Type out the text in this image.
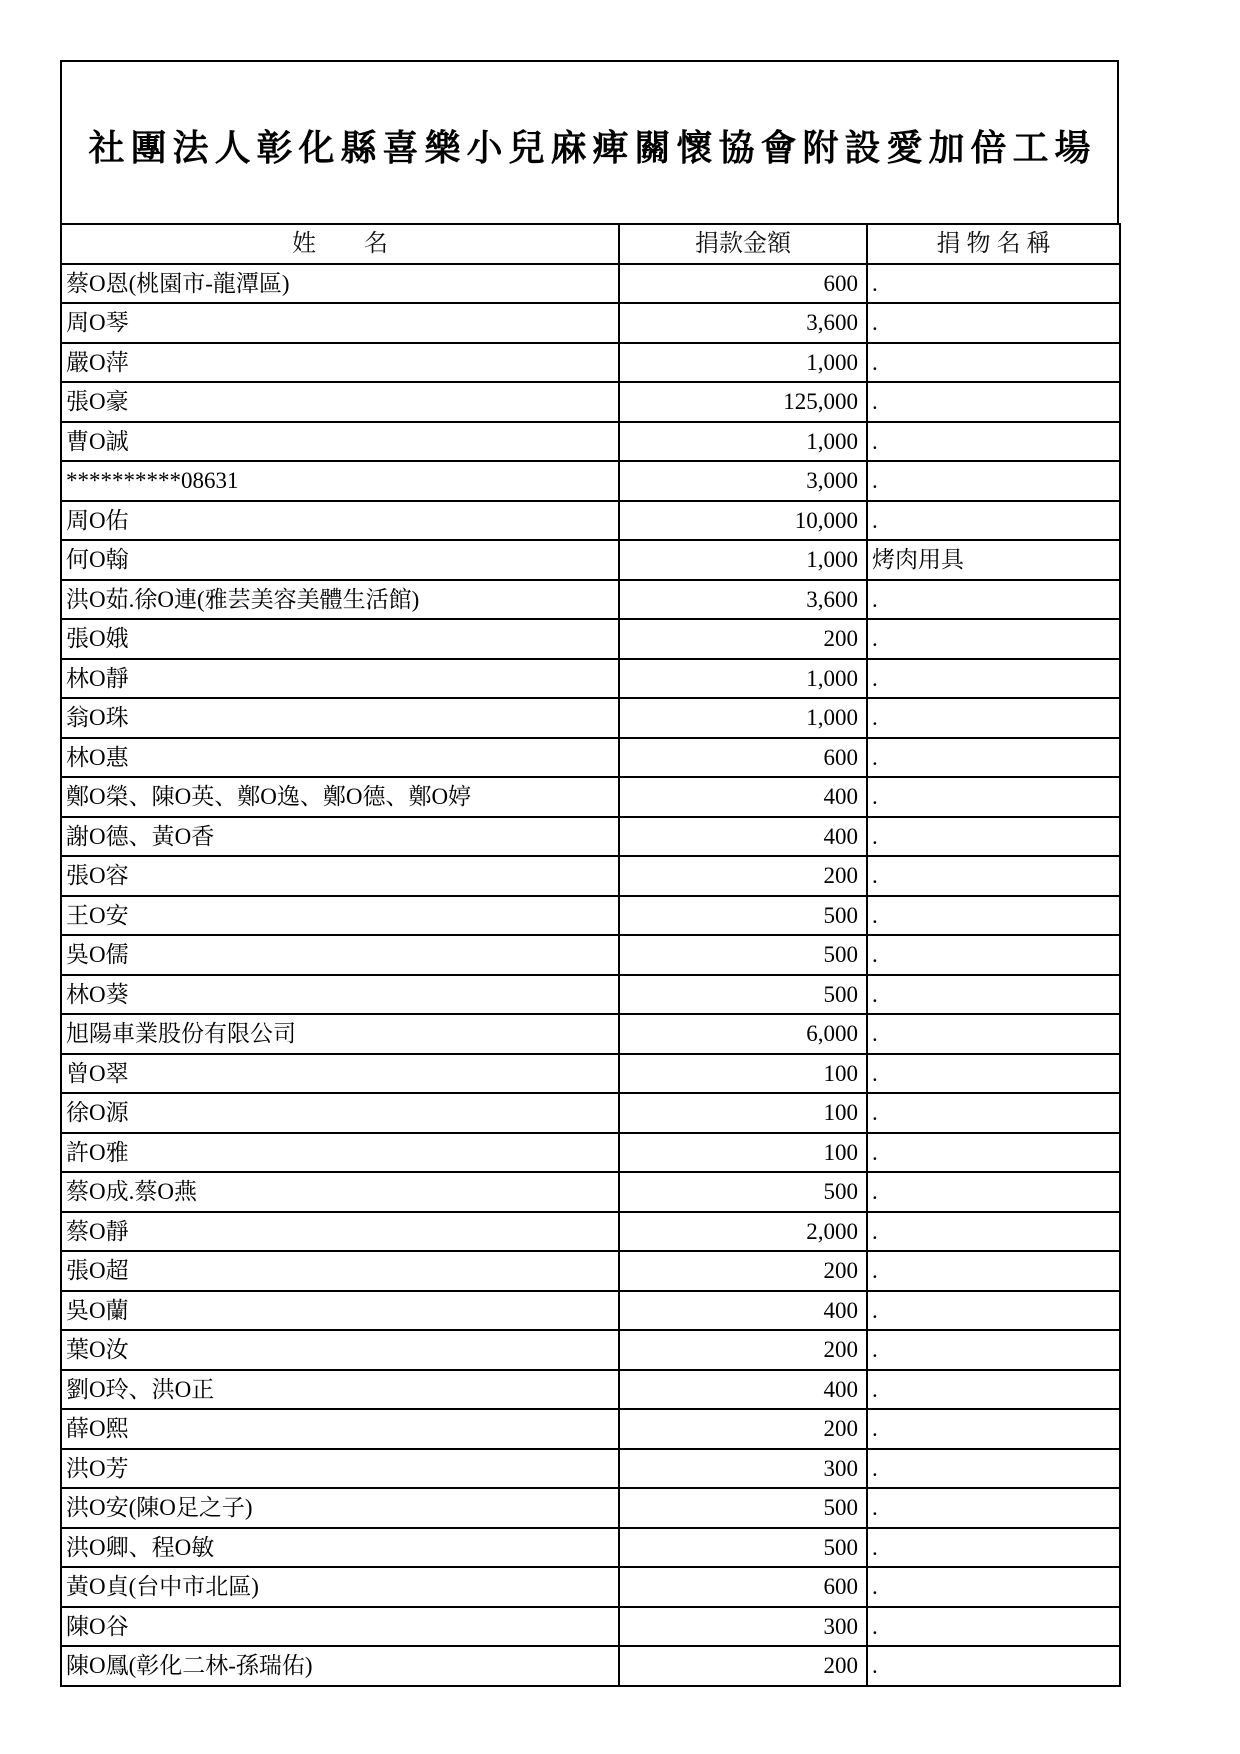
社團法人彰化縣喜樂小兒麻痺關懷協會附設愛加倍工場
姓　　名	捐款金額	捐 物 名 稱
蔡O恩(桃園市-龍潭區)	600	.
周O琴	3,600	.
嚴O萍	1,000	.
張O豪	125,000	.
曹O誠	1,000	.
**********08631	3,000	.
周O佑	10,000	.
何O翰	1,000	烤肉用具
洪O茹.徐O連(雅芸美容美體生活館)	3,600	.
張O娥	200	.
林O靜	1,000	.
翁O珠	1,000	.
林O惠	600	.
鄭O榮、陳O英、鄭O逸、鄭O德、鄭O婷	400	.
謝O德、黃O香	400	.
張O容	200	.
王O安	500	.
吳O儒	500	.
林O葵	500	.
旭陽車業股份有限公司	6,000	.
曾O翠	100	.
徐O源	100	.
許O雅	100	.
蔡O成.蔡O燕	500	.
蔡O靜	2,000	.
張O超	200	.
吳O蘭	400	.
葉O汝	200	.
劉O玲、洪O正	400	.
薛O熙	200	.
洪O芳	300	.
洪O安(陳O足之子)	500	.
洪O卿、程O敏	500	.
黃O貞(台中市北區)	600	.
陳O谷	300	.
陳O鳳(彰化二林-孫瑞佑)	200	.
